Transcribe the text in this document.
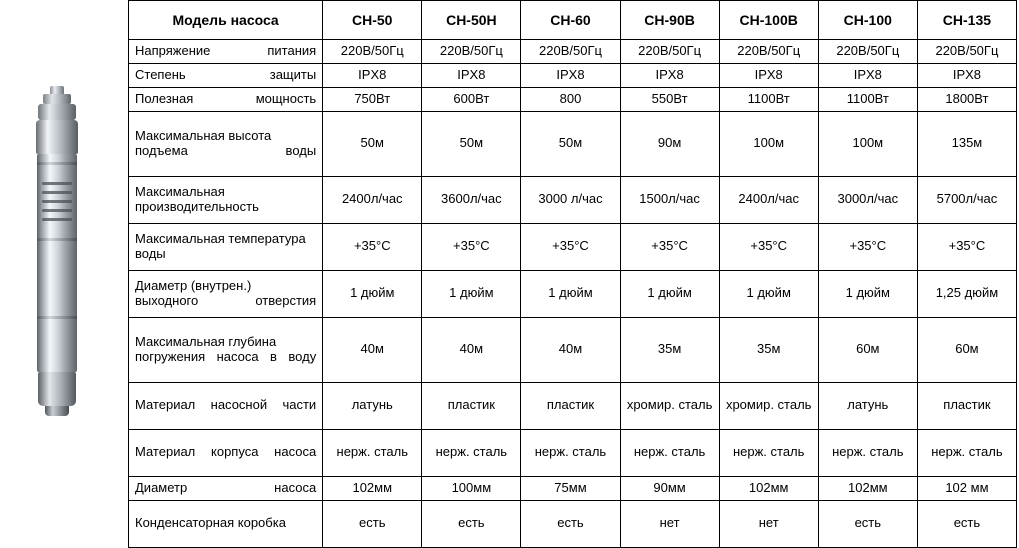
Модель насоса	СН-50	СН-50Н	СН-60	СН-90В	СН-100В	СН-100	СН-135
Напряжение питания	220В/50Гц	220В/50Гц	220В/50Гц	220В/50Гц	220В/50Гц	220В/50Гц	220В/50Гц
Степень защиты	IPX8	IPX8	IPX8	IPX8	IPX8	IPX8	IPX8
Полезная мощность	750Вт	600Вт	800	550Вт	1100Вт	1100Вт	1800Вт
Максимальная высота подъема воды	50м	50м	50м	90м	100м	100м	135м
Максимальная производительность	2400л/час	3600л/час	3000 л/час	1500л/час	2400л/час	3000л/час	5700л/час
Максимальная температура воды	+35°С	+35°С	+35°С	+35°С	+35°С	+35°С	+35°С
Диаметр (внутрен.) выходного отверстия	1 дюйм	1 дюйм	1 дюйм	1 дюйм	1 дюйм	1 дюйм	1,25 дюйм
Максимальная глубина погружения насоса в воду	40м	40м	40м	35м	35м	60м	60м
Материал насосной части	латунь	пластик	пластик	хромир. сталь	хромир. сталь	латунь	пластик
Материал корпуса насоса	нерж. сталь	нерж. сталь	нерж. сталь	нерж. сталь	нерж. сталь	нерж. сталь	нерж. сталь
Диаметр насоса	102мм	100мм	75мм	90мм	102мм	102мм	102 мм
Конденсаторная коробка	есть	есть	есть	нет	нет	есть	есть
